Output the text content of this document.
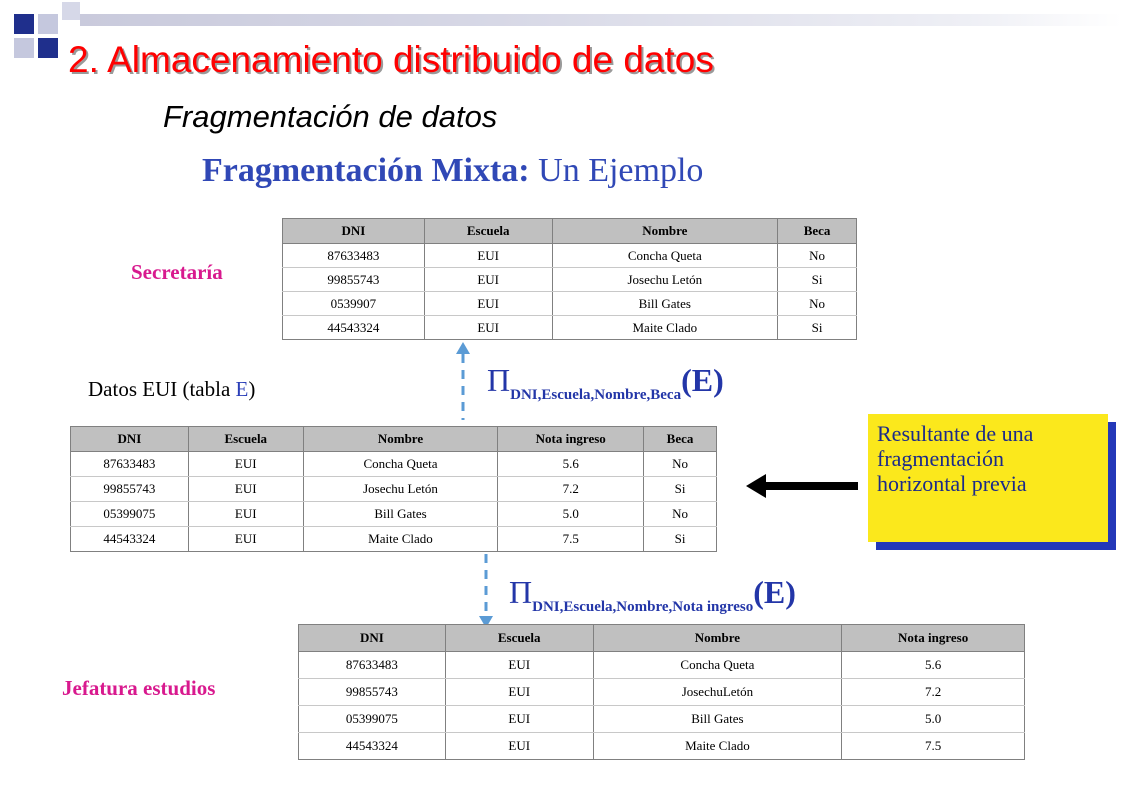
2. Almacenamiento distribuido de datos
Fragmentación de datos
Fragmentación Mixta: Un Ejemplo
Secretaría
DNI	Escuela	Nombre	Beca
87633483	EUI	Concha Queta	No
99855743	EUI	Josechu Letón	Si
0539907	EUI	Bill Gates	No
44543324	EUI	Maite Clado	Si
$\Pi_{DNI,Escuela,Nombre,Beca}(E)$
Datos EUI (tabla E)
DNI	Escuela	Nombre	Nota ingreso	Beca
87633483	EUI	Concha Queta	5.6	No
99855743	EUI	Josechu Letón	7.2	Si
05399075	EUI	Bill Gates	5.0	No
44543324	EUI	Maite Clado	7.5	Si
Resultante de una
fragmentación
horizontal previa
$\Pi_{DNI,Escuela,Nombre,Nota ingreso}(E)$
Jefatura estudios
DNI	Escuela	Nombre	Nota ingreso
87633483	EUI	Concha Queta	5.6
99855743	EUI	JosechuLetón	7.2
05399075	EUI	Bill Gates	5.0
44543324	EUI	Maite Clado	7.5
